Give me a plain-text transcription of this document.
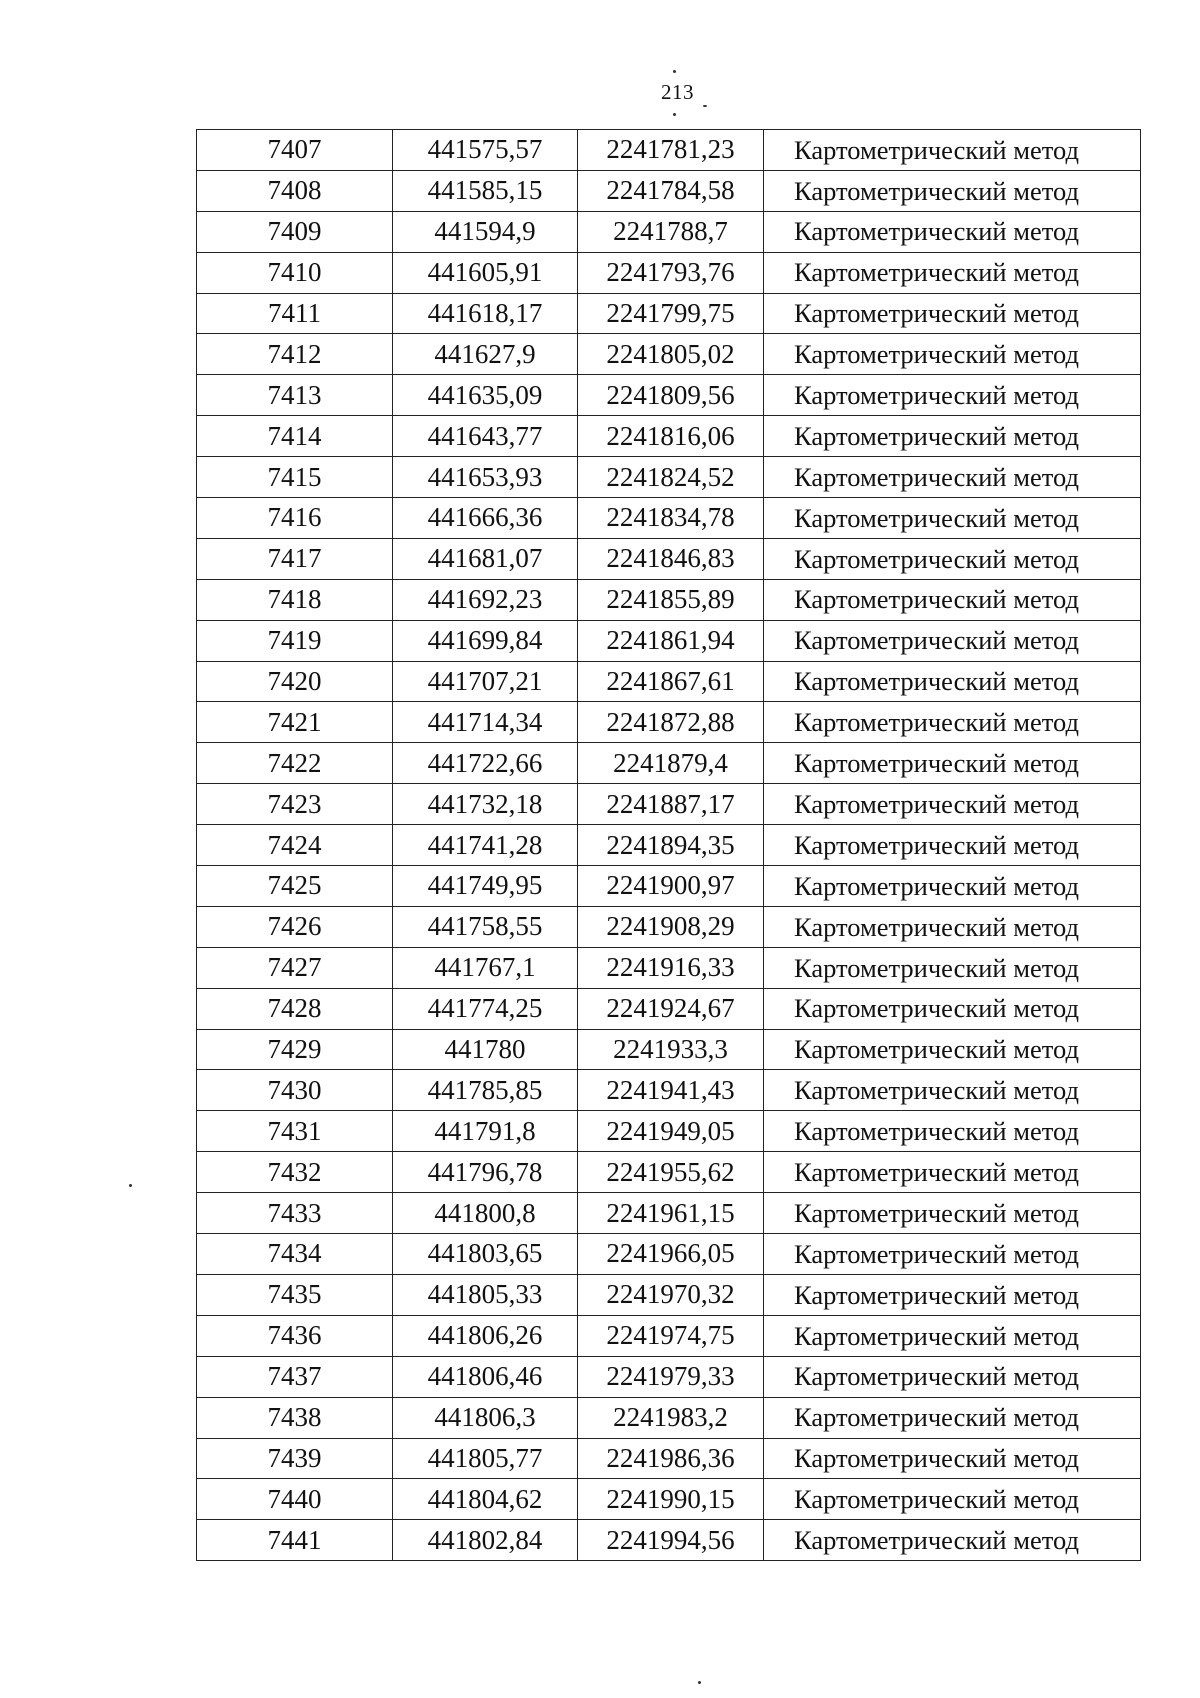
213
7407	441575,57	2241781,23	Картометрический метод
7408	441585,15	2241784,58	Картометрический метод
7409	441594,9	2241788,7	Картометрический метод
7410	441605,91	2241793,76	Картометрический метод
7411	441618,17	2241799,75	Картометрический метод
7412	441627,9	2241805,02	Картометрический метод
7413	441635,09	2241809,56	Картометрический метод
7414	441643,77	2241816,06	Картометрический метод
7415	441653,93	2241824,52	Картометрический метод
7416	441666,36	2241834,78	Картометрический метод
7417	441681,07	2241846,83	Картометрический метод
7418	441692,23	2241855,89	Картометрический метод
7419	441699,84	2241861,94	Картометрический метод
7420	441707,21	2241867,61	Картометрический метод
7421	441714,34	2241872,88	Картометрический метод
7422	441722,66	2241879,4	Картометрический метод
7423	441732,18	2241887,17	Картометрический метод
7424	441741,28	2241894,35	Картометрический метод
7425	441749,95	2241900,97	Картометрический метод
7426	441758,55	2241908,29	Картометрический метод
7427	441767,1	2241916,33	Картометрический метод
7428	441774,25	2241924,67	Картометрический метод
7429	441780	2241933,3	Картометрический метод
7430	441785,85	2241941,43	Картометрический метод
7431	441791,8	2241949,05	Картометрический метод
7432	441796,78	2241955,62	Картометрический метод
7433	441800,8	2241961,15	Картометрический метод
7434	441803,65	2241966,05	Картометрический метод
7435	441805,33	2241970,32	Картометрический метод
7436	441806,26	2241974,75	Картометрический метод
7437	441806,46	2241979,33	Картометрический метод
7438	441806,3	2241983,2	Картометрический метод
7439	441805,77	2241986,36	Картометрический метод
7440	441804,62	2241990,15	Картометрический метод
7441	441802,84	2241994,56	Картометрический метод
